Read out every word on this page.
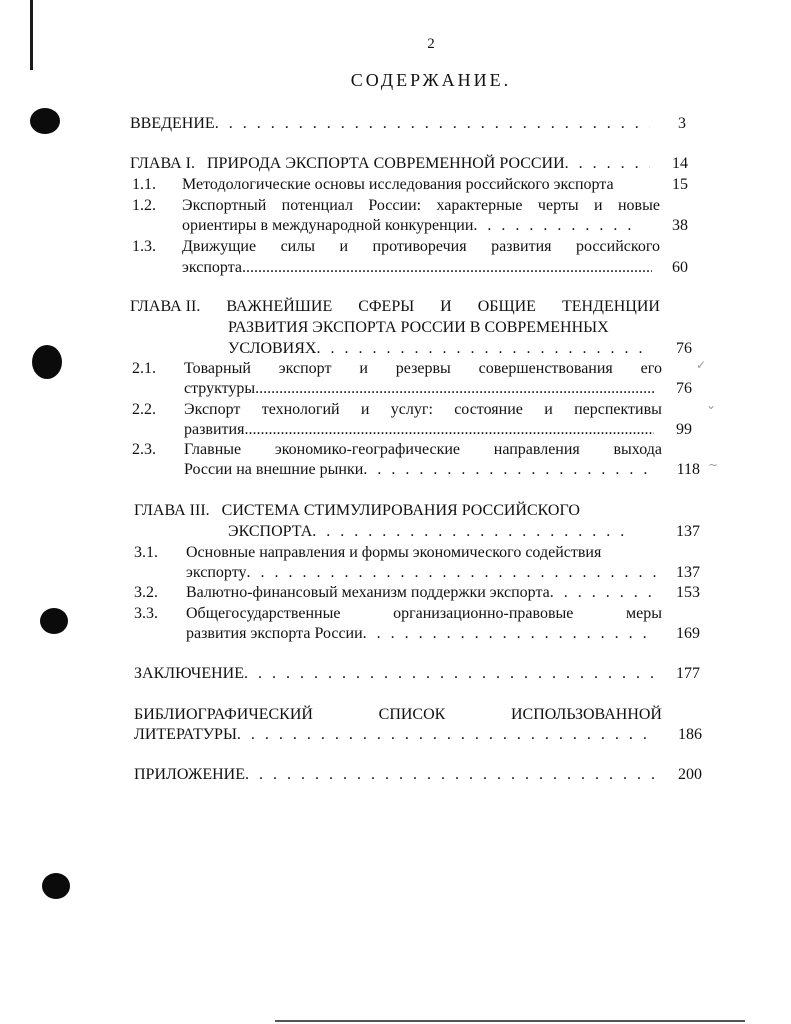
2
СОДЕРЖАНИЕ.
ВВЕДЕНИЕ . . .	3
ГЛАВА I.   ПРИРОДА ЭКСПОРТА СОВРЕМЕННОЙ РОССИИ . . .	14
1.1. Методологические основы исследования российского экспорта	15
1.2. Экспортный потенциал России: характерные черты и новые
ориентиры в международной конкуренции . . .	38
1.3. Движущие силы и противоречия развития российского
экспорта .....	60
ГЛАВА II. ВАЖНЕЙШИЕ СФЕРЫ И ОБЩИЕ ТЕНДЕНЦИИ
РАЗВИТИЯ ЭКСПОРТА РОССИИ В СОВРЕМЕННЫХ
УСЛОВИЯХ . . .	76
2.1. Товарный экспорт и резервы совершенствования его
структуры .....	76
✓
2.2. Экспорт технологий и услуг: состояние и перспективы
развития .....	99
⌄
2.3. Главные экономико-географические направления выхода
России на внешние рынки . . .	118 ~
ГЛАВА III.   СИСТЕМА СТИМУЛИРОВАНИЯ РОССИЙСКОГО
ЭКСПОРТА . . .	137
3.1. Основные направления и формы экономического содействия
экспорту . . .	137
3.2. Валютно-финансовый механизм поддержки экспорта . . .	153
3.3. Общегосударственные	организационно-правовые	меры
развития экспорта России . . .	169
ЗАКЛЮЧЕНИЕ . . .	177
БИБЛИОГРАФИЧЕСКИЙ	СПИСОК	ИСПОЛЬЗОВАННОЙ
ЛИТЕРАТУРЫ . . .	186
ПРИЛОЖЕНИЕ . . .	200
